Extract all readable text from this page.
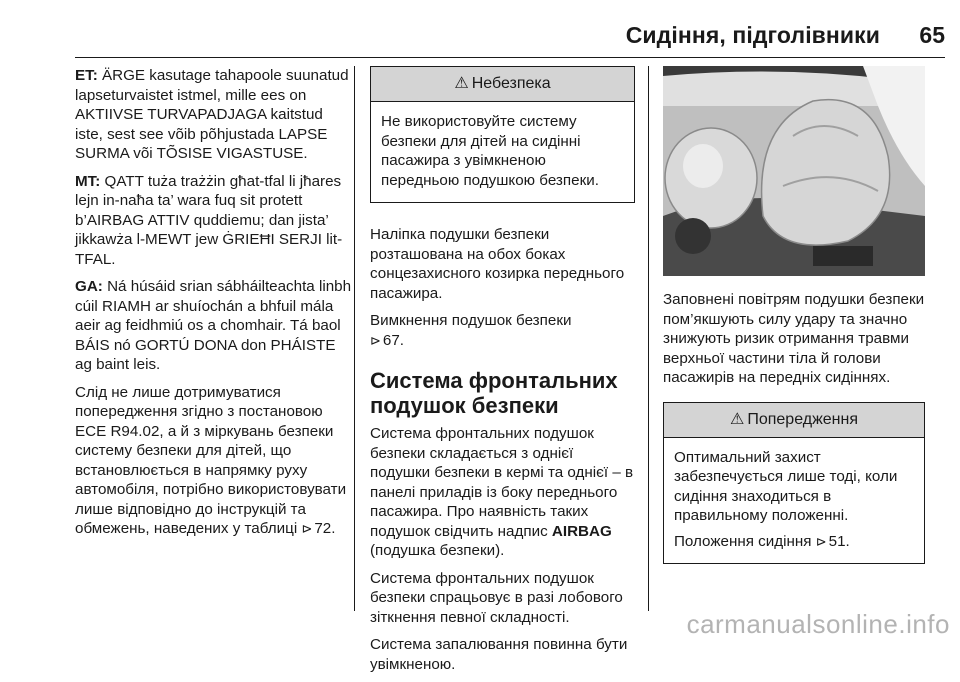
Сидіння, підголівники 65

ET: ÄRGE kasutage tahapoole suunatud lapseturvaistet istmel, mille ees on AKTIIVSE TURVAPADJAGA kaitstud iste, sest see võib põhjustada LAPSE SURMA või TÕSISE VIGASTUSE.

MT: QATT tuża trażżin għat-tfal li jħares lejn in-naħa ta’ wara fuq sit protett b’AIRBAG ATTIV quddiemu; dan jista’ jikkawża l-MEWT jew ĠRIEĦI SERJI lit-TFAL.

GA: Ná húsáid srian sábháilteachta linbh cúil RIAMH ar shuíochán a bhfuil mála aeir ag feidhmiú os a chomhair. Tá baol BÁIS nó GORTÚ DONA don PHÁISTE ag baint leis.

Слід не лише дотримуватися попередження згідно з постановою ECE R94.02, а й з міркувань безпеки систему безпеки для дітей, що встановлюється в напрямку руху автомобіля, потрібно використовувати лише відповідно до інструкцій та обмежень, наведених у таблиці ⊳ 72.

⚠ Небезпека

Не використовуйте систему безпеки для дітей на сидінні пасажира з увімкненою передньою подушкою безпеки.

Наліпка подушки безпеки розташована на обох боках сонцезахисного козирка переднього пасажира.

Вимкнення подушок безпеки
⊳ 67.

Система фронтальних подушок безпеки

Система фронтальних подушок безпеки складається з однієї подушки безпеки в кермі та однієї – в панелі приладів із боку переднього пасажира. Про наявність таких подушок свідчить надпис AIRBAG (подушка безпеки).

Система фронтальних подушок безпеки спрацьовує в разі лобового зіткнення певної складності.

Система запалювання повинна бути увімкненою.

Заповнені повітрям подушки безпеки пом’якшують силу удару та значно знижують ризик отримання травми верхньої частини тіла й голови пасажирів на передніх сидіннях.

⚠ Попередження

Оптимальний захист забезпечується лише тоді, коли сидіння знаходиться в правильному положенні.

Положення сидіння ⊳ 51.

carmanualsonline.info
